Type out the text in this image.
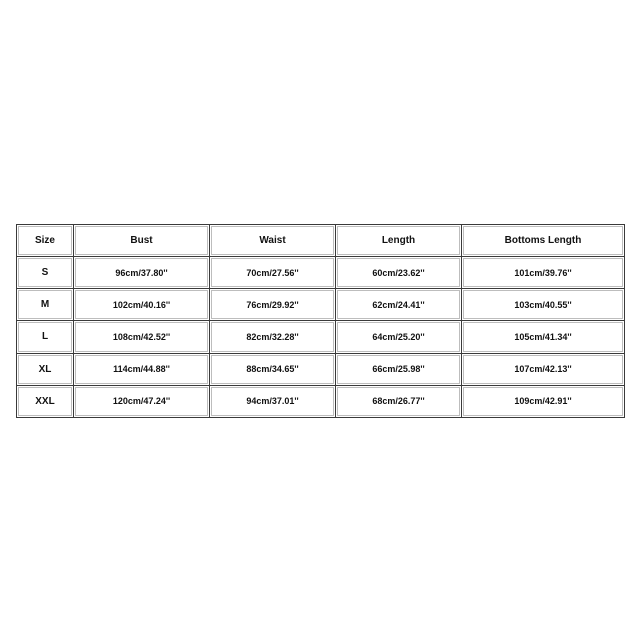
Size	Bust	Waist	Length	Bottoms Length
S	96cm/37.80''	70cm/27.56''	60cm/23.62''	101cm/39.76''
M	102cm/40.16''	76cm/29.92''	62cm/24.41''	103cm/40.55''
L	108cm/42.52''	82cm/32.28''	64cm/25.20''	105cm/41.34''
XL	114cm/44.88''	88cm/34.65''	66cm/25.98''	107cm/42.13''
XXL	120cm/47.24''	94cm/37.01''	68cm/26.77''	109cm/42.91''
